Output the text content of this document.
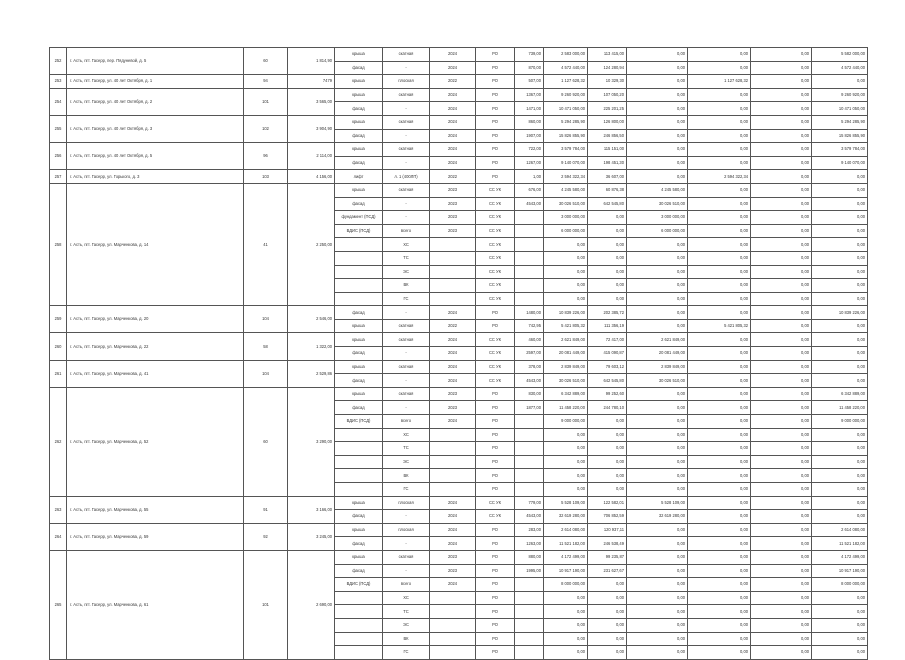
252	г. Асть, пгт. Гасерр, пер. Пядуневой, д. 5	60	1 814,90	крыша	скатная	2024	РО	739,00	2 583 000,00	113 415,00	0,00	0,00	0,00	5 582 000,00
				фасад	-	2024	РО	870,00	4 572 440,00	124 280,94	0,00	0,00	0,00	4 572 440,00
253	г. Асть, пгт. Гасерр, ул. 40 лет Октября, д. 1	94	7479	крыша	плоская	2022	РО	507,00	1 127 628,32	10 329,30	0,00	1 127 628,32	0,00	0,00
254	г. Асть, пгт. Гасерр, ул. 40 лет Октября, д. 2	101	3 565,00	крыша	скатная	2024	РО	1367,00	9 260 920,00	107 050,20	0,00	0,00	0,00	9 260 920,00
				фасад	-	2024	РО	1471,00	10 471 050,00	225 201,25	0,00	0,00	0,00	10 471 050,00
255	г. Асть, пгт. Гасерр, ул. 40 лет Октября, д. 3	102	3 904,90	крыша	скатная	2024	РО	860,00	5 294 285,90	126 800,00	0,00	0,00	0,00	5 294 285,90
				фасад	-	2024	РО	1907,00	15 826 855,90	246 856,50	0,00	0,00	0,00	15 826 855,90
256	г. Асть, пгт. Гасерр, ул. 40 лет Октября, д. 5	96	2 114,00	крыша	скатная	2024	РО	722,00	3 579 784,00	115 151,00	0,00	0,00	0,00	3 579 784,00
				фасад	-	2024	РО	1267,00	9 140 070,00	198 451,30	0,00	0,00	0,00	9 140 070,00
257	г. Асть, пгт. Гасерр, ул. Горького, д. 3	103	4 156,00	лифт	л. 1 (400ЛП)	2022	РО	1,00	2 594 322,34	36 607,00	0,00	2 594 322,34	0,00	0,00
258	г. Асть, пгт. Гасерр, ул. Марченкова, д. 14	41	2 250,00	крыша	скатная	2023	СС УК	676,00	4 245 580,00	60 876,38	4 245 580,00	0,00	0,00	0,00
				фасад	-	2023	СС УК	4543,00	30 026 510,00	642 545,80	30 026 510,00	0,00	0,00	0,00
				фундамент (ПСД)	-	2023	СС УК		3 000 000,00	0,00	3 000 000,00	0,00	0,00	0,00
				ВДИС (ПСД)	всего	2023	СС УК		6 000 000,00	0,00	6 000 000,00	0,00	0,00	0,00
					ХС		СС УК		0,00	0,00	0,00	0,00	0,00	0,00
					ТС		СС УК		0,00	0,00	0,00	0,00	0,00	0,00
					ЭС		СС УК		0,00	0,00	0,00	0,00	0,00	0,00
					ВК		СС УК		0,00	0,00	0,00	0,00	0,00	0,00
					ГС		СС УК		0,00	0,00	0,00	0,00	0,00	0,00
259	г. Асть, пгт. Гасерр, ул. Марченкова, д. 20	104	2 546,00	фасад	-	2024	РО	1480,00	10 839 226,00	202 385,72	0,00	0,00	0,00	10 839 226,00
				крыша	скатная	2022	РО	742,95	5 421 805,32	111 356,19	0,00	5 421 805,32	0,00	0,00
260	г. Асть, пгт. Гасерр, ул. Марченкова, д. 22	58	1 322,00	крыша	скатная	2024	СС УК	460,00	2 621 849,00	72 417,00	2 621 849,00	0,00	0,00	0,00
				фасад	-	2024	СС УК	2597,00	20 081 449,00	415 090,87	20 081 449,00	0,00	0,00	0,00
261	г. Асть, пгт. Гасерр, ул. Марченкова, д. 41	104	2 529,86	крыша	скатная	2024	СС УК	378,00	2 839 849,00	79 603,12	2 839 849,00	0,00	0,00	0,00
				фасад	-	2024	СС УК	4543,00	30 026 510,00	642 545,80	30 026 510,00	0,00	0,00	0,00
262	г. Асть, пгт. Гасерр, ул. Марченкова, д. 52	60	3 290,00	крыша	скатная	2023	РО	830,00	6 342 889,00	99 252,60	0,00	0,00	0,00	6 342 889,00
				фасад	-	2023	РО	1877,00	11 458 220,00	244 780,10	0,00	0,00	0,00	11 458 220,00
				ВДИС (ПСД)	всего	2024	РО		9 000 000,00	0,00	0,00	0,00	0,00	9 000 000,00
					ХС		РО		0,00	0,00	0,00	0,00	0,00	0,00
					ТС		РО		0,00	0,00	0,00	0,00	0,00	0,00
					ЭС		РО		0,00	0,00	0,00	0,00	0,00	0,00
					ВК		РО		0,00	0,00	0,00	0,00	0,00	0,00
					ГС		РО		0,00	0,00	0,00	0,00	0,00	0,00
263	г. Асть, пгт. Гасерр, ул. Марченкова, д. 55	91	3 166,00	крыша	плоская	2024	СС УК	779,00	5 528 109,00	122 582,01	5 528 109,00	0,00	0,00	0,00
				фасад	-	2024	СС УК	4543,00	32 619 280,00	706 852,59	32 619 280,00	0,00	0,00	0,00
264	г. Асть, пгт. Гасерр, ул. Марченкова, д. 59	92	3 245,00	крыша	плоская	2024	РО	283,00	2 614 080,00	120 937,11	0,00	0,00	0,00	2 614 080,00
				фасад	-	2024	РО	1263,00	11 521 182,00	246 538,49	0,00	0,00	0,00	11 521 182,00
265	г. Асть, пгт. Гасерр, ул. Марченкова, д. 61	101	2 690,00	крыша	скатная	2023	РО	880,00	4 172 499,00	99 235,87	0,00	0,00	0,00	4 172 499,00
				фасад	-	2023	РО	1995,00	10 917 190,00	231 627,67	0,00	0,00	0,00	10 917 190,00
				ВДИС (ПСД)	всего	2024	РО		8 000 000,00	0,00	0,00	0,00	0,00	8 000 000,00
					ХС		РО		0,00	0,00	0,00	0,00	0,00	0,00
					ТС		РО		0,00	0,00	0,00	0,00	0,00	0,00
					ЭС		РО		0,00	0,00	0,00	0,00	0,00	0,00
					ВК		РО		0,00	0,00	0,00	0,00	0,00	0,00
					ГС		РО		0,00	0,00	0,00	0,00	0,00	0,00
